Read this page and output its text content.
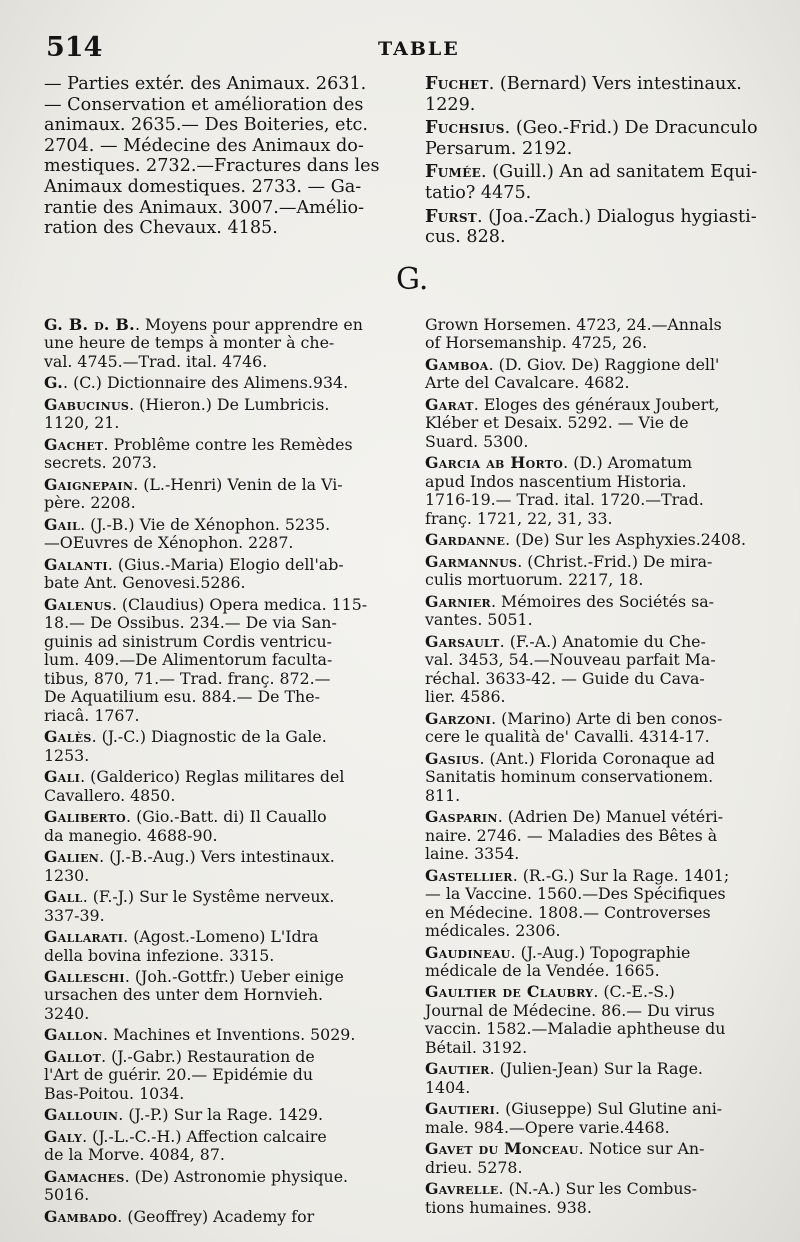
514	TABLE
— Parties extér. des Animaux. 2631.
— Conservation et amélioration des
animaux. 2635.— Des Boiteries, etc.
2704. — Médecine des Animaux do-
mestiques. 2732.—Fractures dans les
Animaux domestiques. 2733. — Ga-
rantie des Animaux. 3007.—Amélio-
ration des Chevaux. 4185.
Fuchet. (Bernard) Vers intestinaux.
1229.
Fuchsius. (Geo.-Frid.) De Dracunculo
Persarum. 2192.
Fumée. (Guill.) An ad sanitatem Equi-
tatio? 4475.
Furst. (Joa.-Zach.) Dialogus hygiasti-
cus. 828.
G.
G. B. d. B.. Moyens pour apprendre en
une heure de temps à monter à che-
val. 4745.—Trad. ital. 4746.
G.. (C.) Dictionnaire des Alimens.934.
Gabucinus. (Hieron.) De Lumbricis.
1120, 21.
Gachet. Problême contre les Remèdes
secrets. 2073.
Gaignepain. (L.-Henri) Venin de la Vi-
père. 2208.
Gail. (J.-B.) Vie de Xénophon. 5235.
—OEuvres de Xénophon. 2287.
Galanti. (Gius.-Maria) Elogio dell'ab-
bate Ant. Genovesi.5286.
Galenus. (Claudius) Opera medica. 115-
18.— De Ossibus. 234.— De via San-
guinis ad sinistrum Cordis ventricu-
lum. 409.—De Alimentorum faculta-
tibus, 870, 71.— Trad. franç. 872.—
De Aquatilium esu. 884.— De The-
riacâ. 1767.
Galès. (J.-C.) Diagnostic de la Gale.
1253.
Gali. (Galderico) Reglas militares del
Cavallero. 4850.
Galiberto. (Gio.-Batt. di) Il Cauallo
da manegio. 4688-90.
Galien. (J.-B.-Aug.) Vers intestinaux.
1230.
Gall. (F.-J.) Sur le Systême nerveux.
337-39.
Gallarati. (Agost.-Lomeno) L'Idra
della bovina infezione. 3315.
Galleschi. (Joh.-Gottfr.) Ueber einige
ursachen des unter dem Hornvieh.
3240.
Gallon. Machines et Inventions. 5029.
Gallot. (J.-Gabr.) Restauration de
l'Art de guérir. 20.— Epidémie du
Bas-Poitou. 1034.
Gallouin. (J.-P.) Sur la Rage. 1429.
Galy. (J.-L.-C.-H.) Affection calcaire
de la Morve. 4084, 87.
Gamaches. (De) Astronomie physique.
5016.
Gambado. (Geoffrey) Academy for
Grown Horsemen. 4723, 24.—Annals
of Horsemanship. 4725, 26.
Gamboa. (D. Giov. De) Raggione dell'
Arte del Cavalcare. 4682.
Garat. Eloges des généraux Joubert,
Kléber et Desaix. 5292. — Vie de
Suard. 5300.
Garcia ab Horto. (D.) Aromatum
apud Indos nascentium Historia.
1716-19.— Trad. ital. 1720.—Trad.
franç. 1721, 22, 31, 33.
Gardanne. (De) Sur les Asphyxies.2408.
Garmannus. (Christ.-Frid.) De mira-
culis mortuorum. 2217, 18.
Garnier. Mémoires des Sociétés sa-
vantes. 5051.
Garsault. (F.-A.) Anatomie du Che-
val. 3453, 54.—Nouveau parfait Ma-
réchal. 3633-42. — Guide du Cava-
lier. 4586.
Garzoni. (Marino) Arte di ben conos-
cere le qualità de' Cavalli. 4314-17.
Gasius. (Ant.) Florida Coronaque ad
Sanitatis hominum conservationem.
811.
Gasparin. (Adrien De) Manuel vétéri-
naire. 2746. — Maladies des Bêtes à
laine. 3354.
Gastellier. (R.-G.) Sur la Rage. 1401;
— la Vaccine. 1560.—Des Spécifiques
en Médecine. 1808.— Controverses
médicales. 2306.
Gaudineau. (J.-Aug.) Topographie
médicale de la Vendée. 1665.
Gaultier de Claubry. (C.-E.-S.)
Journal de Médecine. 86.— Du virus
vaccin. 1582.—Maladie aphtheuse du
Bétail. 3192.
Gautier. (Julien-Jean) Sur la Rage.
1404.
Gautieri. (Giuseppe) Sul Glutine ani-
male. 984.—Opere varie.4468.
Gavet du Monceau. Notice sur An-
drieu. 5278.
Gavrelle. (N.-A.) Sur les Combus-
tions humaines. 938.
